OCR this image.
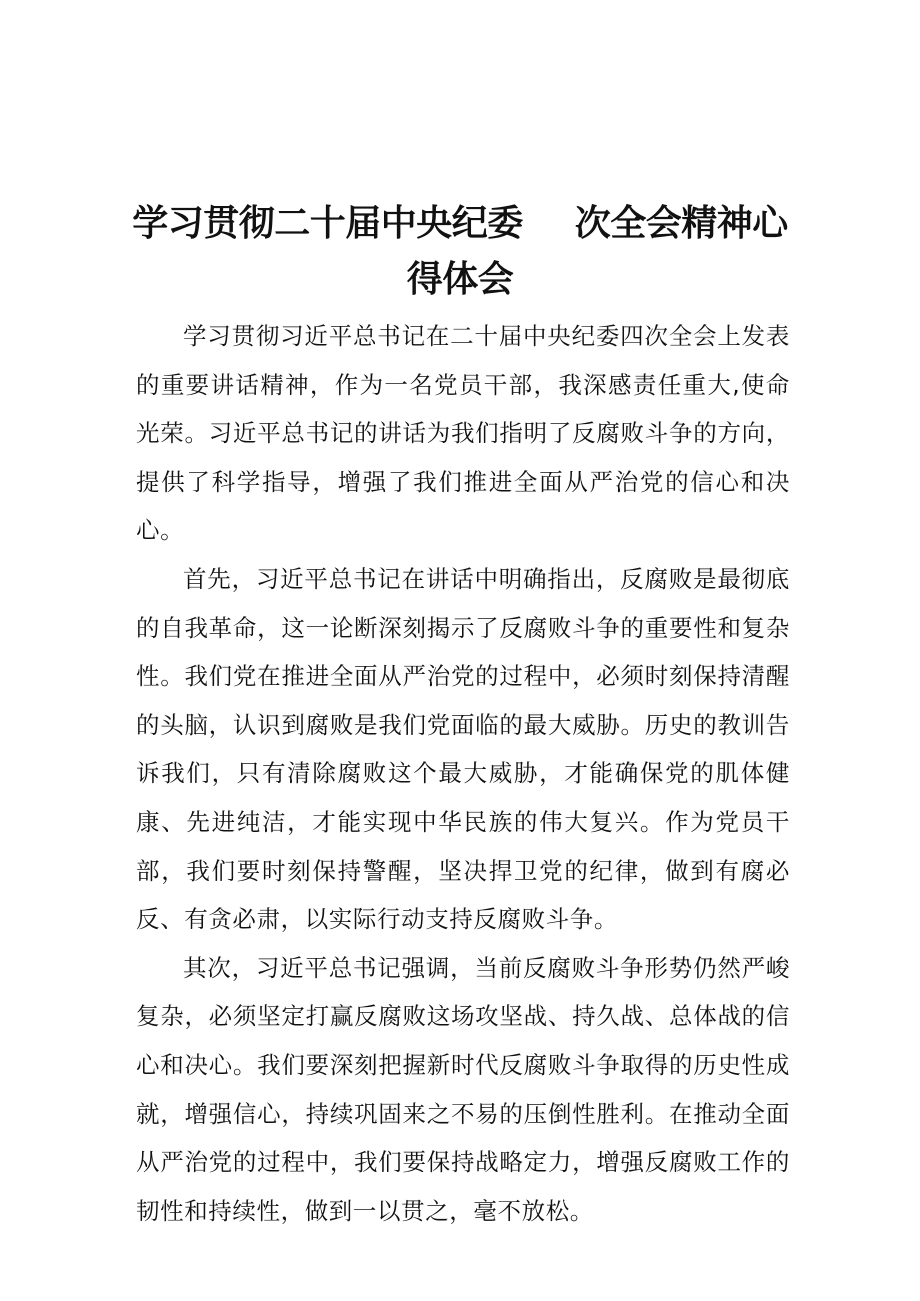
学习贯彻二十届中央纪委 次全会精神心
得体会

学习贯彻习近平总书记在二十届中央纪委四次全会上发表的重要讲话精神，作为一名党员干部，我深感责任重大,使命光荣。习近平总书记的讲话为我们指明了反腐败斗争的方向，提供了科学指导，增强了我们推进全面从严治党的信心和决心。

首先，习近平总书记在讲话中明确指出，反腐败是最彻底的自我革命，这一论断深刻揭示了反腐败斗争的重要性和复杂性。我们党在推进全面从严治党的过程中，必须时刻保持清醒的头脑，认识到腐败是我们党面临的最大威胁。历史的教训告诉我们，只有清除腐败这个最大威胁，才能确保党的肌体健康、先进纯洁，才能实现中华民族的伟大复兴。作为党员干部，我们要时刻保持警醒，坚决捍卫党的纪律，做到有腐必反、有贪必肃，以实际行动支持反腐败斗争。

其次，习近平总书记强调，当前反腐败斗争形势仍然严峻复杂，必须坚定打赢反腐败这场攻坚战、持久战、总体战的信心和决心。我们要深刻把握新时代反腐败斗争取得的历史性成就，增强信心，持续巩固来之不易的压倒性胜利。在推动全面从严治党的过程中，我们要保持战略定力，增强反腐败工作的韧性和持续性，做到一以贯之，毫不放松。
